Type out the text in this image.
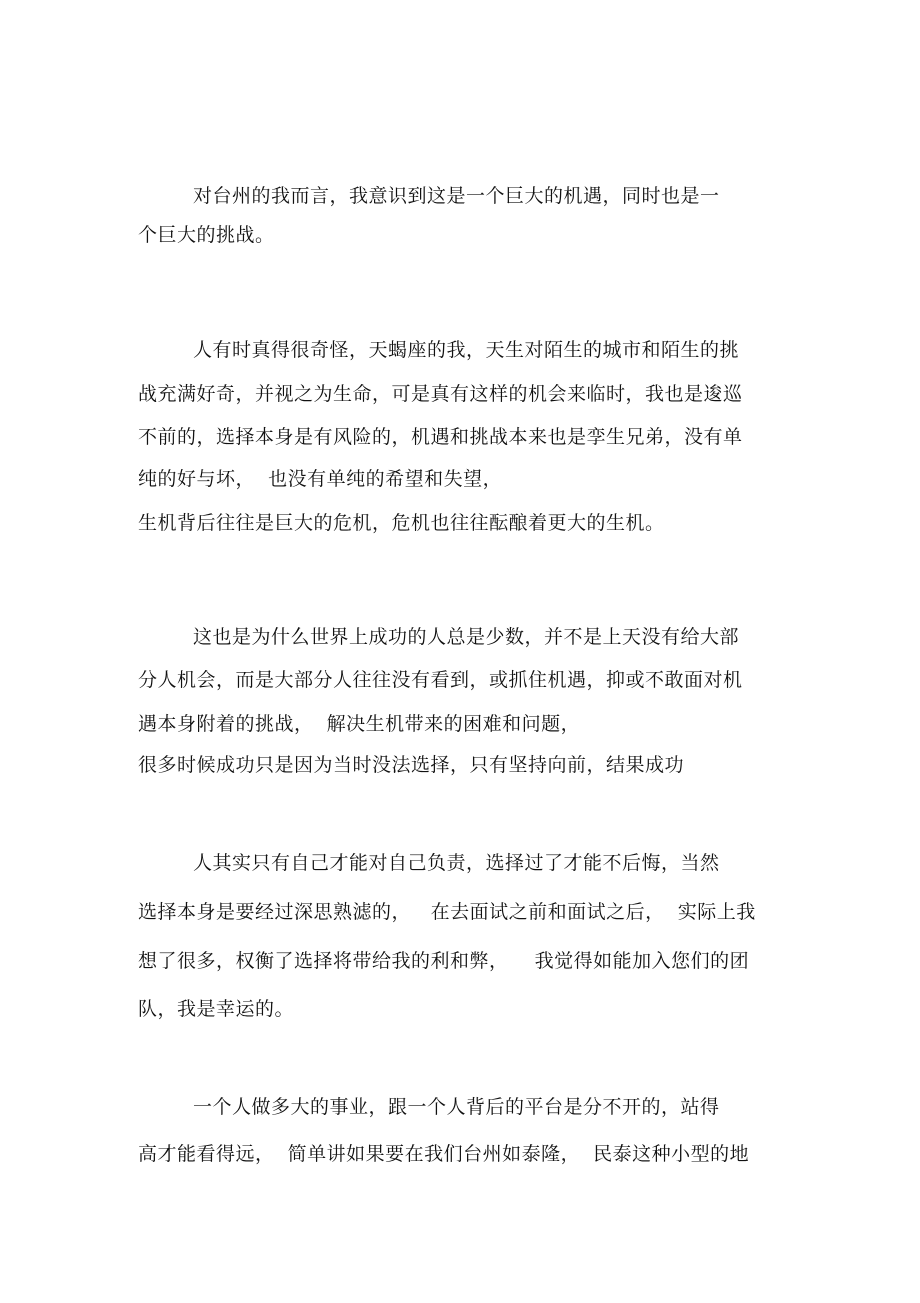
对台州的我而言，我意识到这是一个巨大的机遇，同时也是一
个巨大的挑战。
人有时真得很奇怪，天蝎座的我，天生对陌生的城市和陌生的挑
战充满好奇，并视之为生命，可是真有这样的机会来临时，我也是逡巡
不前的，选择本身是有风险的，机遇和挑战本来也是孪生兄弟，没有单
纯的好与坏，  也没有单纯的希望和失望，
生机背后往往是巨大的危机，危机也往往酝酿着更大的生机。
这也是为什么世界上成功的人总是少数，并不是上天没有给大部
分人机会，而是大部分人往往没有看到，或抓住机遇，抑或不敢面对机
遇本身附着的挑战，  解决生机带来的困难和问题，
很多时候成功只是因为当时没法选择，只有坚持向前，结果成功
人其实只有自己才能对自己负责，选择过了才能不后悔，当然
选择本身是要经过深思熟滤的，   在去面试之前和面试之后，  实际上我
想了很多，权衡了选择将带给我的利和弊，    我觉得如能加入您们的团
队，我是幸运的。
一个人做多大的事业，跟一个人背后的平台是分不开的，站得
高才能看得远，  简单讲如果要在我们台州如泰隆，  民泰这种小型的地
